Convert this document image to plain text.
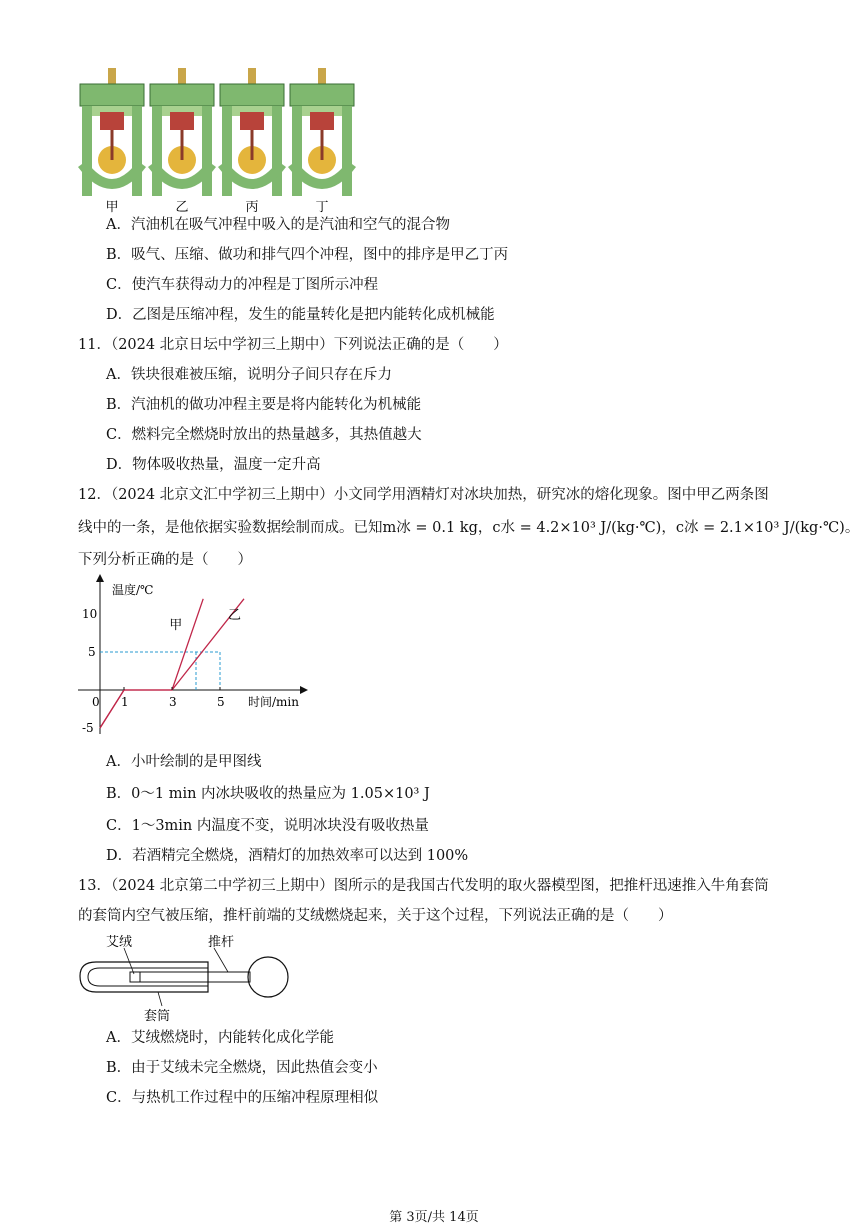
甲	乙	丙	丁
A．汽油机在吸气冲程中吸入的是汽油和空气的混合物
B．吸气、压缩、做功和排气四个冲程，图中的排序是甲乙丁丙
C．使汽车获得动力的冲程是丁图所示冲程
D．乙图是压缩冲程，发生的能量转化是把内能转化成机械能
11．（2024 北京日坛中学初三上期中）下列说法正确的是（　　）
A．铁块很难被压缩，说明分子间只存在斥力
B．汽油机的做功冲程主要是将内能转化为机械能
C．燃料完全燃烧时放出的热量越多，其热值越大
D．物体吸收热量，温度一定升高
12．（2024 北京文汇中学初三上期中）小文同学用酒精灯对冰块加热，研究冰的熔化现象。图中甲乙两条图
线中的一条，是他依据实验数据绘制而成。已知m冰 = 0.1 kg，c水 = 4.2×10³ J/(kg·℃)，c冰 = 2.1×10³ J/(kg·℃)。
下列分析正确的是（　　）
温度/℃
时间/min
甲
乙
0 1	3	5
10
5
-5
A．小叶绘制的是甲图线
B．0～1 min 内冰块吸收的热量应为 1.05×10³ J
C．1～3min 内温度不变，说明冰块没有吸收热量
D．若酒精完全燃烧，酒精灯的加热效率可以达到 100%
13．（2024 北京第二中学初三上期中）图所示的是我国古代发明的取火器模型图，把推杆迅速推入牛角套筒
的套筒内空气被压缩，推杆前端的艾绒燃烧起来，关于这个过程，下列说法正确的是（　　）
艾绒	推杆
套筒
A．艾绒燃烧时，内能转化成化学能
B．由于艾绒未完全燃烧，因此热值会变小
C．与热机工作过程中的压缩冲程原理相似
第 3页/共 14页
